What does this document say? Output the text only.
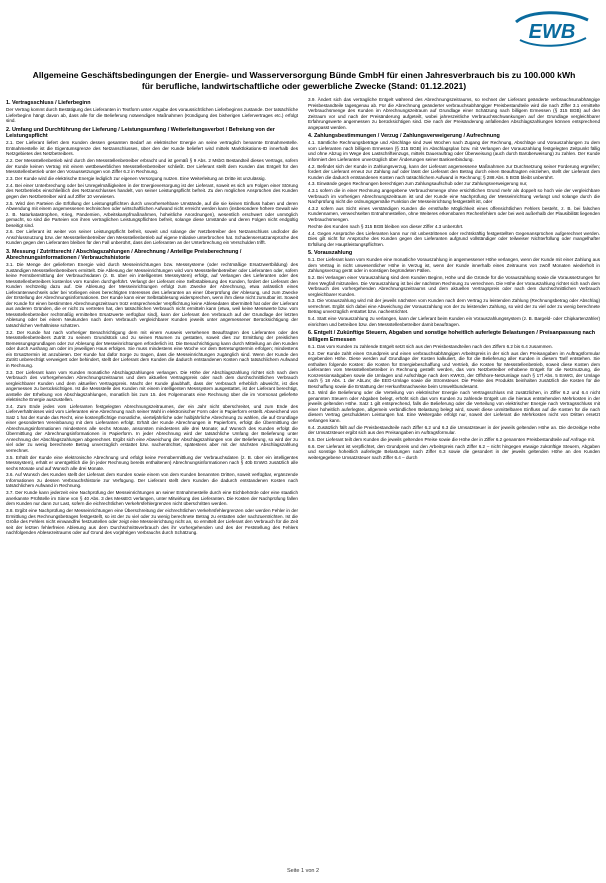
EWB
Allgemeine Geschäftsbedingungen der Energie- und Wasserversorgung Bünde GmbH für einen Jahresverbrauch bis zu 100.000 kWh für berufliche, landwirtschaftliche oder gewerbliche Zwecke (Stand: 01.12.2021)
1. Vertragsschluss / Lieferbeginn
Der Vertrag kommt durch Bestätigung des Lieferanten in Textform unter Angabe des voraussichtlichen Lieferbeginns zustande. Der tatsächliche Lieferbeginn hängt davon ab, dass alle für die Belieferung notwendigen Maßnahmen (Kündigung des bisherigen Liefervertrages etc.) erfolgt sind.
2. Umfang und Durchführung der Lieferung / Leistungsumfang / Weiterleitungsverbot / Befreiung von der Leistungspflicht
2.1. Der Lieferant liefert dem Kunden dessen gesamten Bedarf an elektrischer Energie an seine vertraglich benannte Entnahmestelle. Entnahmestelle ist die Eigentumsgrenze des Netzanschlusses, über den der Kunde beliefert wird mittels Marktlokations-ID innerhalb des Netzgebietes des Netzbetreibers.
2.2. Der Messstellenbetrieb wird durch den Messstellenbetreiber erbracht und ist gemäß § 9 Abs. 2 MsbG Bestandteil dieses Vertrags, sofern der Kunde keinen Vertrag mit einem wettbewerblichen Messstellenbetreiber schließt. Der Lieferant stellt dem Kunden das Entgelt für den Messstellenbetrieb unter den Voraussetzungen von Ziffer 6.2 in Rechnung.
2.3. Der Kunde wird die elektrische Energie lediglich zur eigenen Versorgung nutzen. Eine Weiterleitung an Dritte ist unzulässig.
2.4. Bei einer Unterbrechung oder bei Unregelmäßigkeiten in der Energieversorgung ist der Lieferant, soweit es sich um Folgen einer Störung des Netzbetriebs einschließlich des Netzanschlusses handelt, von seiner Leistungspflicht befreit. Zu den möglichen Ansprüchen des Kunden gegen den Netzbetreiber wird auf Ziffer 10 verwiesen.
2.5. Wird den Parteien die Erfüllung der Leistungspflichten durch unvorhersehbare Umstände, auf die sie keinen Einfluss haben und deren Abwendung mit einem angemessenen technischen oder wirtschaftlichen Aufwand nicht erreicht werden kann (insbesondere höhere Gewalt wie z. B. Naturkatastrophen, Krieg, Pandemien, Arbeitskampfmaßnahmen, hoheitliche Anordnungen), wesentlich erschwert oder unmöglich gemacht, so sind die Parteien von ihren vertraglichen Leistungspflichten befreit, solange diese Umstände und deren Folgen nicht endgültig beseitigt sind.
2.6. Der Lieferant ist weiter von seiner Leistungspflicht befreit, soweit und solange der Netzbetreiber den Netzanschluss und/oder die Anschlussnutzung bzw. der Messstellenbetreiber den Messstellenbetrieb auf eigene Initiative unterbrochen hat. Schadensersatzansprüche des Kunden gegen den Lieferanten bleiben für den Fall unberührt, dass den Lieferanten an der Unterbrechung ein Verschulden trifft.
3. Messung / Zutrittsrecht / Abschlagszahlungen / Abrechnung / Anteilige Preisberechnung / Abrechnungsinformationen / Verbrauchshistorie
3.1. Die Menge der gelieferten Energie wird durch Messeinrichtungen bzw. Messsysteme (oder rechtmäßige Ersatzwertbildung) des zuständigen Messstellenbetreibers ermittelt. Die Ablesung der Messeinrichtungen wird vom Messstellenbetreiber oder Lieferanten oder, sofern keine Fernübermittlung der Verbrauchsdaten (z. B. über ein intelligentes Messsystem) erfolgt, auf Verlangen des Lieferanten oder des Messstellenbetreibers kostenlos vom Kunden durchgeführt. Verlangt der Lieferant eine Selbstablesung des Kunden, fordert der Lieferant den Kunden rechtzeitig dazu auf. Die Ablesung der Messeinrichtungen erfolgt zum Zwecke der Abrechnung, etwa anlässlich eines Lieferantenwechsels oder bei Vorliegen eines berechtigten Interesses des Lieferanten an einer Überprüfung der Ablesung, und zum Zwecke der Erstellung der Abrechnungsinformationen. Der Kunde kann einer Selbstablesung widersprechen, wenn ihm diese nicht zumutbar ist. Soweit der Kunde für einen bestimmten Abrechnungszeitraum trotz entsprechender Verpflichtung keine Ablesedaten übermittelt hat oder der Lieferant aus anderen Gründen, die er nicht zu vertreten hat, den tatsächlichen Verbrauch nicht ermitteln kann (etwa, weil keine Messwerte bzw. vom Messstellenbetreiber rechtmäßig ermittelten Ersatzwerte verfügbar sind), kann der Lieferant den Verbrauch auf der Grundlage der letzten Ablesung oder bei einem Neukunden nach dem Verbrauch vergleichbarer Kunden jeweils unter angemessener Berücksichtigung der tatsächlichen Verhältnisse schätzen.
3.2. Der Kunde hat nach vorheriger Benachrichtigung dem mit einem Ausweis versehenen Beauftragten des Lieferanten oder des Messstellenbetreibers Zutritt zu seinem Grundstück und zu seinen Räumen zu gestatten, soweit dies zur Ermittlung der preislichen Bemessungsgrundlagen oder zur Ablesung der Messeinrichtungen erforderlich ist. Die Benachrichtigung kann durch Mitteilung an den Kunden oder durch Aushang am oder im jeweiligen Haus erfolgen. Sie muss mindestens eine Woche vor dem Betretungstermin erfolgen; mindestens ein Ersatztermin ist anzubieten. Der Kunde hat dafür Sorge zu tragen, dass die Messeinrichtungen zugänglich sind. Wenn der Kunde den Zutritt unberechtigt verweigert oder behindert, stellt der Lieferant dem Kunden die dadurch entstandenen Kosten nach tatsächlichem Aufwand in Rechnung.
3.3. Der Lieferant kann vom Kunden monatliche Abschlagszahlungen verlangen. Die Höhe der Abschlagszahlung richtet sich nach dem Verbrauch des vorhergehenden Abrechnungszeitraums und dem aktuellen Vertragspreis oder nach dem durchschnittlichen Verbrauch vergleichbarer Kunden und dem aktuellen Vertragspreis. Macht der Kunde glaubhaft, dass der Verbrauch erheblich abweicht, ist dies angemessen zu berücksichtigen. Ist die Messstelle des Kunden mit einem intelligenten Messsystem ausgestattet, ist der Lieferant berechtigt, anstelle der Erhebung von Abschlagszahlungen, monatlich bis zum 15. des Folgemonats eine Rechnung über die im Vormonat gelieferte elektrische Energie auszustellen.
3.4. Zum Ende jedes vom Lieferanten festgelegten Abrechnungszeitraumes, der ein Jahr nicht überschreitet, und zum Ende des Lieferverhältnisses wird vom Lieferanten eine Abrechnung nach seiner Wahl in elektronischer Form oder in Papierform erstellt. Abweichend von Satz 1 hat der Kunde das Recht, eine kostenpflichtige monatliche, vierteljährliche oder halbjährliche Abrechnung zu wählen, die auf Grundlage einer gesonderten Vereinbarung mit dem Lieferanten erfolgt. Erhält der Kunde Abrechnungen in Papierform, erfolgt die Übermittlung der Abrechnungsinformationen mindestens alle sechs Monate, ansonsten mindestens alle drei Monate; auf Wunsch des Kunden erfolgt die Übermittlung der Abrechnungsinformationen in Papierform. In jeder Abrechnung wird der tatsächliche Umfang der Belieferung unter Anrechnung der Abschlagszahlungen abgerechnet. Ergibt sich eine Abweichung der Abschlagszahlungen von der Belieferung, so wird der zu viel oder zu wenig berechnete Betrag unverzüglich erstattet bzw. nachentrichtet, spätestens aber mit der nächsten Abschlagszahlung verrechnet.
3.5. Erhält der Kunde eine elektronische Abrechnung und erfolgt keine Fernübermittlung der Verbrauchsdaten (z. B. über ein intelligentes Messsystem), erhält er unentgeltlich die (in jeder Rechnung bereits enthaltenen) Abrechnungsinformationen nach § 40b EnWG zusätzlich alle sechs Monate und auf Wunsch alle drei Monate.
3.6. Auf Wunsch des Kunden stellt der Lieferant dem Kunden sowie einem von dem Kunden benannten Dritten, soweit verfügbar, ergänzende Informationen zu dessen Verbrauchshistorie zur Verfügung. Der Lieferant stellt dem Kunden die dadurch entstandenen Kosten nach tatsächlichem Aufwand in Rechnung.
3.7. Der Kunde kann jederzeit eine Nachprüfung der Messeinrichtungen an seiner Entnahmestelle durch eine Eichbehörde oder eine staatlich anerkannte Prüfstelle im Sinne von § 40 Abs. 3 des MessEG verlangen, unter Mitwirkung des Lieferanten. Die Kosten der Nachprüfung fallen dem Kunden nur dann zur Last, sofern die eichrechtlichen Verkehrsfehlergrenzen nicht überschritten werden.
3.8. Ergibt eine Nachprüfung der Messeinrichtungen eine Überschreitung der eichrechtlichen Verkehrsfehlergrenzen oder werden Fehler in der Ermittlung des Rechnungsbetrages festgestellt, so ist der zu viel oder zu wenig berechnete Betrag zu erstatten oder nachzuentrichten. Ist die Größe des Fehlers nicht einwandfrei festzustellen oder zeigt eine Messeinrichtung nicht an, so ermittelt der Lieferant den Verbrauch für die Zeit seit der letzten fehlerfreien Ablesung aus dem Durchschnittsverbrauch des ihr vorhergehenden und des der Feststellung des Fehlers nachfolgenden Ablesezeitraums oder auf Grund des vorjährigen Verbrauchs durch Schätzung.
3.9. Ändert sich das vertragliche Entgelt während des Abrechnungszeitraums, so rechnet der Lieferant geänderte verbrauchsunabhängige Preisbestandteile tagesgenau ab. Für die Abrechnung geänderter verbrauchsabhängiger Preisbestandteile wird die nach Ziffer 3.1 ermittelte Verbrauchsmenge des Kunden im Abrechnungszeitraum auf Grundlage einer Schätzung nach billigem Ermessen (§ 315 BGB) auf den Zeitraum vor und nach der Preisänderung aufgeteilt, wobei jahreszeitliche Verbrauchsschwankungen auf der Grundlage vergleichbarer Erfahrungswerte angemessen zu berücksichtigen sind. Die nach der Preisänderung anfallenden Abschlagszahlungen können entsprechend angepasst werden.
4. Zahlungsbestimmungen / Verzug / Zahlungsverweigerung / Aufrechnung
4.1. Sämtliche Rechnungsbeträge und Abschläge sind zwei Wochen nach Zugang der Rechnung, Abschläge und Vorauszahlungen zu dem vom Lieferanten nach billigem Ermessen (§ 315 BGB) im Abschlagsplan bzw. mit Verlangen der Vorauszahlung festgelegten Zeitpunkt fällig und ohne Abzug im Wege des Lastschrifteinzugs, mittels Dauerauftrag oder Überweisung (auch durch Barüberweisung) zu zahlen. Der Kunde informiert den Lieferanten unverzüglich über Änderungen seiner Bankverbindung.
4.2. Befindet sich der Kunde in Zahlungsverzug, kann der Lieferant angemessene Maßnahmen zur Durchsetzung seiner Forderung ergreifen; fordert der Lieferant erneut zur Zahlung auf oder lässt der Lieferant den Betrag durch einen Beauftragten einziehen, stellt der Lieferant dem Kunden die dadurch entstandenen Kosten nach tatsächlichem Aufwand in Rechnung; § 288 Abs. 5 BGB bleibt unberührt.
4.3. Einwände gegen Rechnungen berechtigen zum Zahlungsaufschub oder zur Zahlungsverweigerung nur,
4.3.1 sofern die in einer Rechnung angegebene Verbrauchsmenge ohne ersichtlichen Grund mehr als doppelt so hoch wie der vergleichbare Verbrauch im vorherigen Abrechnungszeitraum ist und der Kunde eine Nachprüfung der Messeinrichtung verlangt und solange durch die Nachprüfung nicht die ordnungsgemäße Funktion der Messeinrichtung festgestellt ist, oder
4.3.2 sofern aus Sicht eines verständigen Kunden die ernsthafte Möglichkeit eines offensichtlichen Fehlers besteht, z. B. bei falschen Kundennamen, verwechselten Entnahmestellen, ohne Weiteres erkennbaren Rechenfehlern oder bei weit außerhalb der Plausibilität liegenden Verbrauchsmengen.
Rechte des Kunden nach § 315 BGB bleiben von dieser Ziffer 4.3 unberührt.
4.4. Gegen Ansprüche des Lieferanten kann nur mit unbestrittenen oder rechtskräftig festgestellten Gegenansprüchen aufgerechnet werden. Dies gilt nicht für Ansprüche des Kunden gegen den Lieferanten aufgrund vollständiger oder teilweiser Nichterfüllung oder mangelhafter Erfüllung der Hauptleistungspflichten.
5. Vorauszahlung
5.1. Der Lieferant kann vom Kunden eine monatliche Vorauszahlung in angemessener Höhe verlangen, wenn der Kunde mit einer Zahlung aus dem Vertrag in nicht unwesentlicher Höhe in Verzug ist, wenn der Kunde innerhalb eines Zeitraums von zwölf Monaten wiederholt in Zahlungsverzug gerät oder in sonstigen begründeten Fällen.
5.2. Bei Verlangen einer Vorauszahlung sind dem Kunden Beginn, Höhe und die Gründe für die Vorauszahlung sowie die Voraussetzungen für ihren Wegfall mitzuteilen. Die Vorauszahlung ist bei der nächsten Rechnung zu verrechnen. Die Höhe der Vorauszahlung richtet sich nach dem Verbrauch des vorhergehenden Abrechnungszeitraums und dem aktuellen Vertragspreis oder nach dem durchschnittlichen Verbrauch vergleichbarer Kunden.
5.3. Die Vorauszahlung wird mit der jeweils nächsten vom Kunden nach dem Vertrag zu leistenden Zahlung (Rechnungsbetrag oder Abschlag) verrechnet. Ergibt sich dabei eine Abweichung der Vorauszahlung von der zu leistenden Zahlung, so wird der zu viel oder zu wenig berechnete Betrag unverzüglich erstattet bzw. nachentrichtet.
5.4. Statt eine Vorauszahlung zu verlangen, kann der Lieferant beim Kunden ein Vorauszahlungssystem (z. B. Bargeld- oder Chipkartenzähler) einrichten und betreiben bzw. den Messstellenbetreiber damit beauftragen.
6. Entgelt / Zukünftige Steuern, Abgaben und sonstige hoheitlich auferlegte Belastungen / Preisanpassung nach billigem Ermessen
6.1. Das vom Kunden zu zahlende Entgelt setzt sich aus den Preisbestandteilen nach den Ziffern 6.2 bis 6.4 zusammen.
6.2. Der Kunde zahlt einen Grundpreis und einen verbrauchsabhängigen Arbeitspreis in der sich aus den Preisangaben im Auftragsformular ergebenden Höhe. Diese werden auf Grundlage der Kosten kalkuliert, die für die Belieferung aller Kunden in diesem Tarif entstehen. Sie enthalten folgende Kosten: die Kosten für Energiebeschaffung und Vertrieb, die Kosten für Messstellenbetrieb, soweit diese Kosten dem Lieferanten vom Messstellenbetreiber in Rechnung gestellt werden, das vom Netzbetreiber erhobene Entgelt für die Netznutzung, die Konzessionsabgaben sowie die Umlagen und Aufschläge nach dem KWKG, der Offshore-Netzumlage nach § 17f Abs. 5 EnWG, der Umlage nach § 18 Abs. 1 der AbLaV, die EEG-Umlage sowie die Stromsteuer. Die Preise des Produkts beinhalten zusätzlich die Kosten für die Beschaffung sowie die Erstattung der Herkunftsnachweise beim Umweltbundesamt.
6.3. Wird die Belieferung oder die Verteilung von elektrischer Energie nach Vertragsschluss mit zusätzlichen, in Ziffer 6.2 und 6.4 nicht genannten Steuern oder Abgaben belegt, erhöht sich das vom Kunden zu zahlende Entgelt um die hieraus entstehenden Mehrkosten in der jeweils geltenden Höhe. Satz 1 gilt entsprechend, falls die Belieferung oder die Verteilung von elektrischer Energie nach Vertragsschluss mit einer hoheitlich auferlegten, allgemein verbindlichen Belastung belegt wird, soweit diese unmittelbaren Einfluss auf die Kosten für die nach diesem Vertrag geschuldeten Leistungen hat. Eine Weitergabe erfolgt nur, soweit der Lieferant die Mehrkosten nicht von Dritten ersetzt verlangen kann.
6.4. Zusätzlich fällt auf die Preisbestandteile nach Ziffer 6.2 und 6.3 die Umsatzsteuer in der jeweils geltenden Höhe an. Die derzeitige Höhe der Umsatzsteuer ergibt sich aus den Preisangaben im Auftragsformular.
6.5. Der Lieferant teilt dem Kunden die jeweils geltenden Preise sowie die Höhe der in Ziffer 6.2 genannten Preisbestandteile auf Anfrage mit.
6.6. Der Lieferant ist verpflichtet, den Grundpreis und den Arbeitspreis nach Ziffer 6.2 – nicht hingegen etwaige zukünftige Steuern, Abgaben und sonstige hoheitlich auferlegte Belastungen nach Ziffer 6.3 sowie die gesondert in der jeweils geltenden Höhe an den Kunden weitergegebene Umsatzsteuer nach Ziffer 6.4 – durch
Seite 1 von 2
